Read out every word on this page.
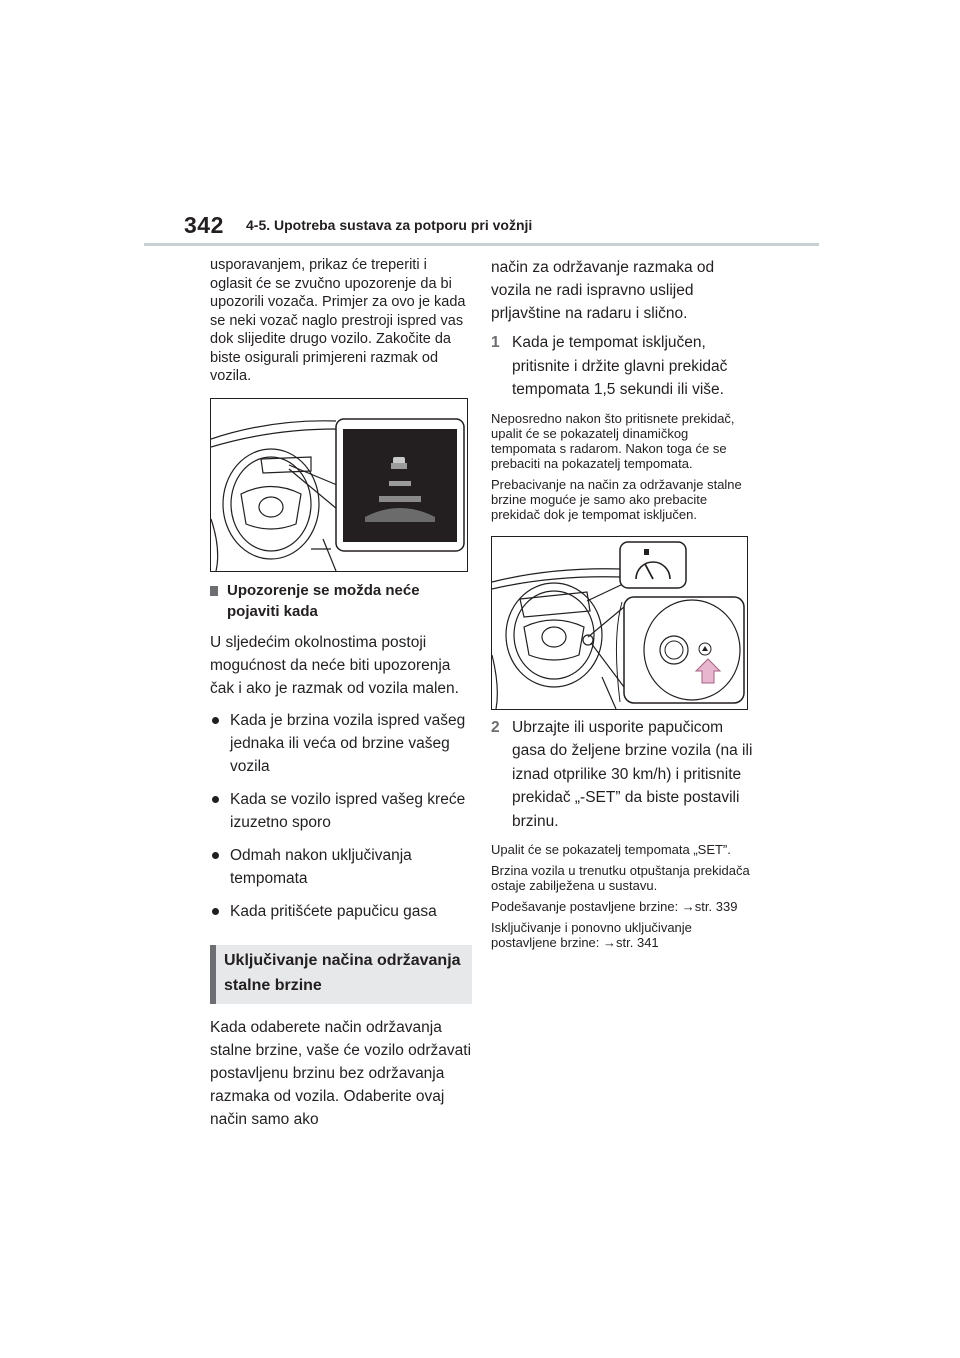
342 4-5. Upotreba sustava za potporu pri vožnji

usporavanjem, prikaz će treperiti i oglasit će se zvučno upozorenje da bi upozorili vozača. Primjer za ovo je kada se neki vozač naglo prestroji ispred vas dok slijedite drugo vozilo. Zakočite da biste osigurali primjereni razmak od vozila.

Upozorenje se možda neće pojaviti kada

U sljedećim okolnostima postoji mogućnost da neće biti upozorenja čak i ako je razmak od vozila malen.

Kada je brzina vozila ispred vašeg jednaka ili veća od brzine vašeg vozila
Kada se vozilo ispred vašeg kreće izuzetno sporo
Odmah nakon uključivanja tempomata
Kada pritišćete papučicu gasa
Uključivanje načina održavanja stalne brzine

Kada odaberete način održavanja stalne brzine, vaše će vozilo održavati postavljenu brzinu bez održavanja razmaka od vozila. Odaberite ovaj način samo ako

način za održavanje razmaka od vozila ne radi ispravno uslijed prljavštine na radaru i slično.

1 Kada je tempomat isključen, pritisnite i držite glavni prekidač tempomata 1,5 sekundi ili više.

Neposredno nakon što pritisnete prekidač, upalit će se pokazatelj dinamičkog tempomata s radarom. Nakon toga će se prebaciti na pokazatelj tempomata.

Prebacivanje na način za održavanje stalne brzine moguće je samo ako prebacite prekidač dok je tempomat isključen.

2 Ubrzajte ili usporite papučicom gasa do željene brzine vozila (na ili iznad otprilike 30 km/h) i pritisnite prekidač „-SET” da biste postavili brzinu.

Upalit će se pokazatelj tempomata „SET”.

Brzina vozila u trenutku otpuštanja prekidača ostaje zabilježena u sustavu.

Podešavanje postavljene brzine: →str. 339

Isključivanje i ponovno uključivanje postavljene brzine: →str. 341
